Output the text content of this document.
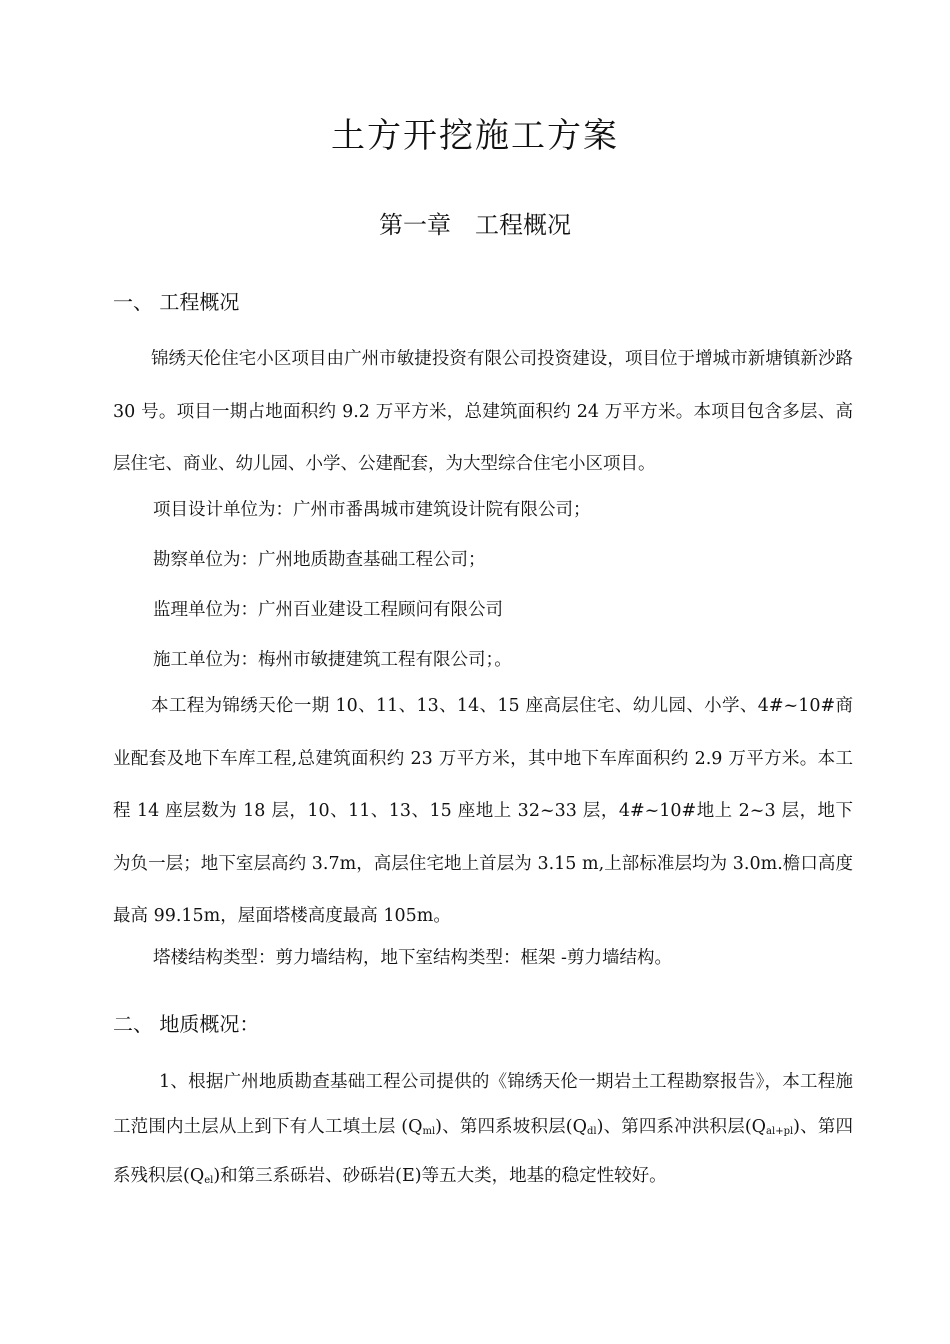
土方开挖施工方案
第一章　工程概况
一、 工程概况

锦绣天伦住宅小区项目由广州市敏捷投资有限公司投资建设，项目位于增城市新塘镇新沙路 30 号。项目一期占地面积约 9.2 万平方米，总建筑面积约 24 万平方米。本项目包含多层、高层住宅、商业、幼儿园、小学、公建配套，为大型综合住宅小区项目。

项目设计单位为：广州市番禺城市建筑设计院有限公司；
勘察单位为：广州地质勘查基础工程公司；
监理单位为：广州百业建设工程顾问有限公司
施工单位为：梅州市敏捷建筑工程有限公司；。

本工程为锦绣天伦一期 10、11、13、14、15 座高层住宅、幼儿园、小学、4#~10#商业配套及地下车库工程,总建筑面积约 23 万平方米，其中地下车库面积约 2.9 万平方米。本工程 14 座层数为 18 层，10、11、13、15 座地上 32~33 层，4#~10#地上 2~3 层，地下为负一层；地下室层高约 3.7m，高层住宅地上首层为 3.15 m,上部标准层均为 3.0m.檐口高度最高 99.15m，屋面塔楼高度最高 105m。

塔楼结构类型：剪力墙结构，地下室结构类型：框架 -剪力墙结构。
二、 地质概况：

1、根据广州地质勘查基础工程公司提供的《锦绣天伦一期岩土工程勘察报告》，本工程施工范围内土层从上到下有人工填土层 $(Q_{ml})$、第四系坡积层$(Q_{dl})$、第四系冲洪积层$(Q_{al+pl})$、第四系残积层$(Q_{el})$和第三系砾岩、砂砾岩(E)等五大类，地基的稳定性较好。
